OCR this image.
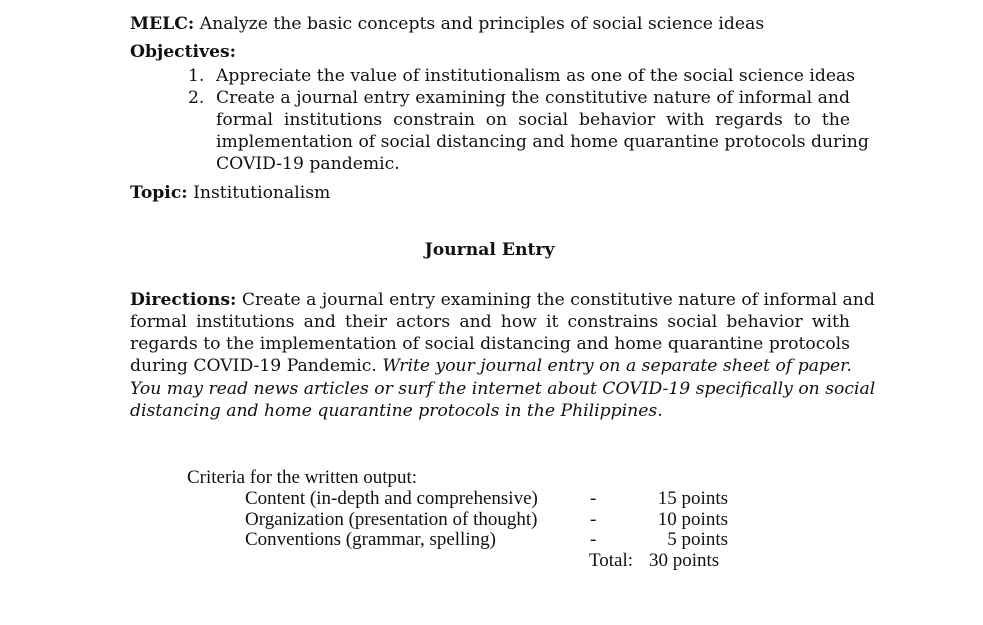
MELC: Analyze the basic concepts and principles of social science ideas
Objectives:
1. Appreciate the value of institutionalism as one of the social science ideas
2. Create a journal entry examining the constitutive nature of informal and
formal institutions constrain on social behavior with regards to the
implementation of social distancing and home quarantine protocols during
COVID-19 pandemic.
Topic: Institutionalism
Journal Entry
Directions: Create a journal entry examining the constitutive nature of informal and
formal institutions and their actors and how it constrains social behavior with
regards to the implementation of social distancing and home quarantine protocols
during COVID-19 Pandemic. Write your journal entry on a separate sheet of paper.
You may read news articles or surf the internet about COVID-19 specifically on social
distancing and home quarantine protocols in the Philippines.
Criteria for the written output:
Content (in-depth and comprehensive)	-	15 points
Organization (presentation of thought)	-	10 points
Conventions (grammar, spelling)	-	5 points
Total: 30 points
